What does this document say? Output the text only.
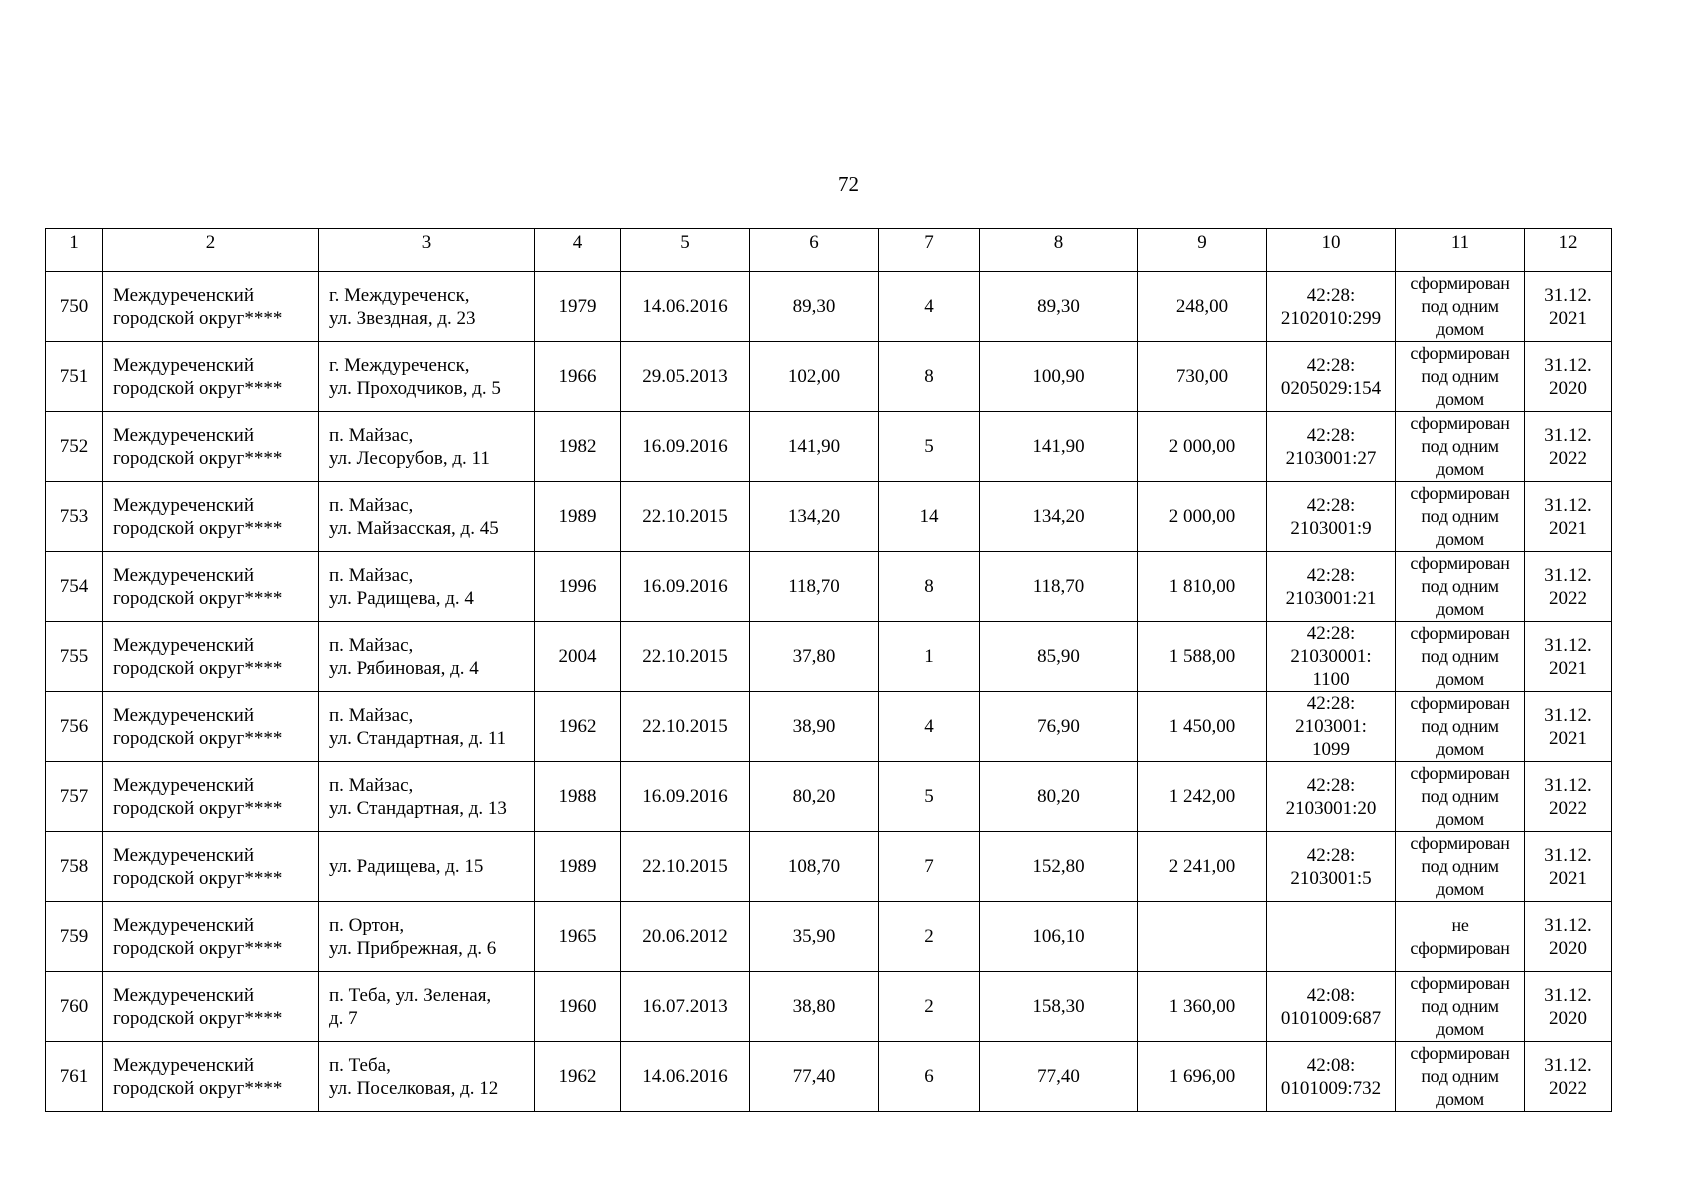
72
1	2	3	4	5	6	7	8	9	10	11	12

750	Междуреченский
городской округ****	г. Междуреченск,
ул. Звездная, д. 23	1979	14.06.2016	89,30	4	89,30	248,00	42:28:
2102010:299	сформирован
под одним
домом	31.12.
2021

751	Междуреченский
городской округ****	г. Междуреченск,
ул. Проходчиков, д. 5	1966	29.05.2013	102,00	8	100,90	730,00	42:28:
0205029:154	сформирован
под одним
домом	31.12.
2020

752	Междуреченский
городской округ****	п. Майзас,
ул. Лесорубов, д. 11	1982	16.09.2016	141,90	5	141,90	2 000,00	42:28:
2103001:27	сформирован
под одним
домом	31.12.
2022

753	Междуреченский
городской округ****	п. Майзас,
ул. Майзасская, д. 45	1989	22.10.2015	134,20	14	134,20	2 000,00	42:28:
2103001:9	сформирован
под одним
домом	31.12.
2021

754	Междуреченский
городской округ****	п. Майзас,
ул. Радищева, д. 4	1996	16.09.2016	118,70	8	118,70	1 810,00	42:28:
2103001:21	сформирован
под одним
домом	31.12.
2022

755	Междуреченский
городской округ****	п. Майзас,
ул. Рябиновая, д. 4	2004	22.10.2015	37,80	1	85,90	1 588,00	42:28:
21030001:
1100	сформирован
под одним
домом	31.12.
2021

756	Междуреченский
городской округ****	п. Майзас,
ул. Стандартная, д. 11	1962	22.10.2015	38,90	4	76,90	1 450,00	42:28:
2103001:
1099	сформирован
под одним
домом	31.12.
2021

757	Междуреченский
городской округ****	п. Майзас,
ул. Стандартная, д. 13	1988	16.09.2016	80,20	5	80,20	1 242,00	42:28:
2103001:20	сформирован
под одним
домом	31.12.
2022

758	Междуреченский
городской округ****	ул. Радищева, д. 15	1989	22.10.2015	108,70	7	152,80	2 241,00	42:28:
2103001:5	сформирован
под одним
домом	31.12.
2021

759	Междуреченский
городской округ****	п. Ортон,
ул. Прибрежная, д. 6	1965	20.06.2012	35,90	2	106,10			не
сформирован	31.12.
2020

760	Междуреченский
городской округ****	п. Теба, ул. Зеленая,
д. 7	1960	16.07.2013	38,80	2	158,30	1 360,00	42:08:
0101009:687	сформирован
под одним
домом	31.12.
2020

761	Междуреченский
городской округ****	п. Теба,
ул. Поселковая, д. 12	1962	14.06.2016	77,40	6	77,40	1 696,00	42:08:
0101009:732	сформирован
под одним
домом	31.12.
2022
